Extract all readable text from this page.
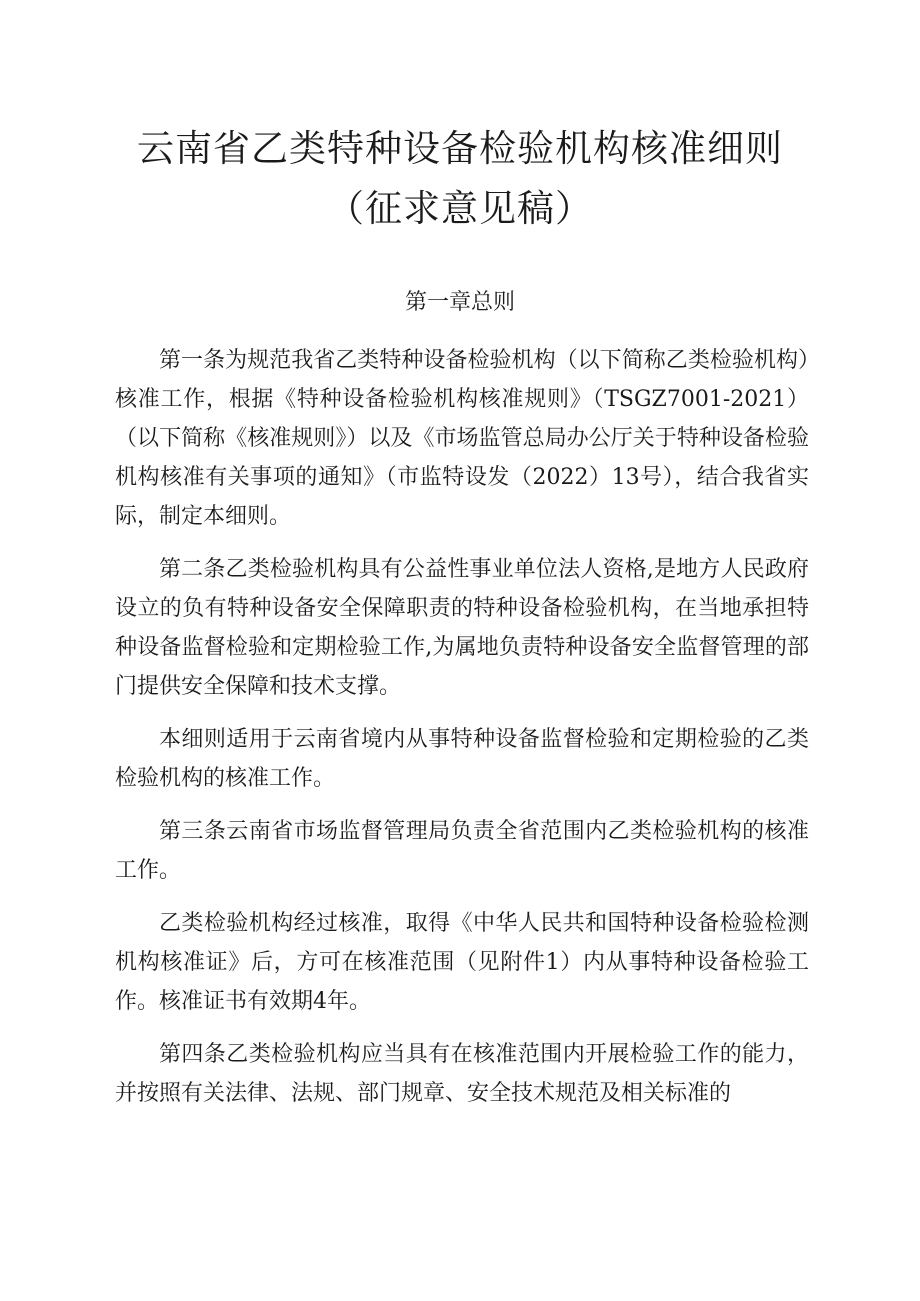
云南省乙类特种设备检验机构核准细则
（征求意见稿）
第一章总则

第一条为规范我省乙类特种设备检验机构（以下简称乙类检验机构）核准工作，根据《特种设备检验机构核准规则》（TSGZ7001-2021）（以下简称《核准规则》）以及《市场监管总局办公厅关于特种设备检验机构核准有关事项的通知》（市监特设发（2022）13号），结合我省实际，制定本细则。

第二条乙类检验机构具有公益性事业单位法人资格,是地方人民政府设立的负有特种设备安全保障职责的特种设备检验机构，在当地承担特种设备监督检验和定期检验工作,为属地负责特种设备安全监督管理的部门提供安全保障和技术支撑。

本细则适用于云南省境内从事特种设备监督检验和定期检验的乙类检验机构的核准工作。

第三条云南省市场监督管理局负责全省范围内乙类检验机构的核准工作。

乙类检验机构经过核准，取得《中华人民共和国特种设备检验检测机构核准证》后，方可在核准范围（见附件1）内从事特种设备检验工作。核准证书有效期4年。

第四条乙类检验机构应当具有在核准范围内开展检验工作的能力，并按照有关法律、法规、部门规章、安全技术规范及相关标准的
